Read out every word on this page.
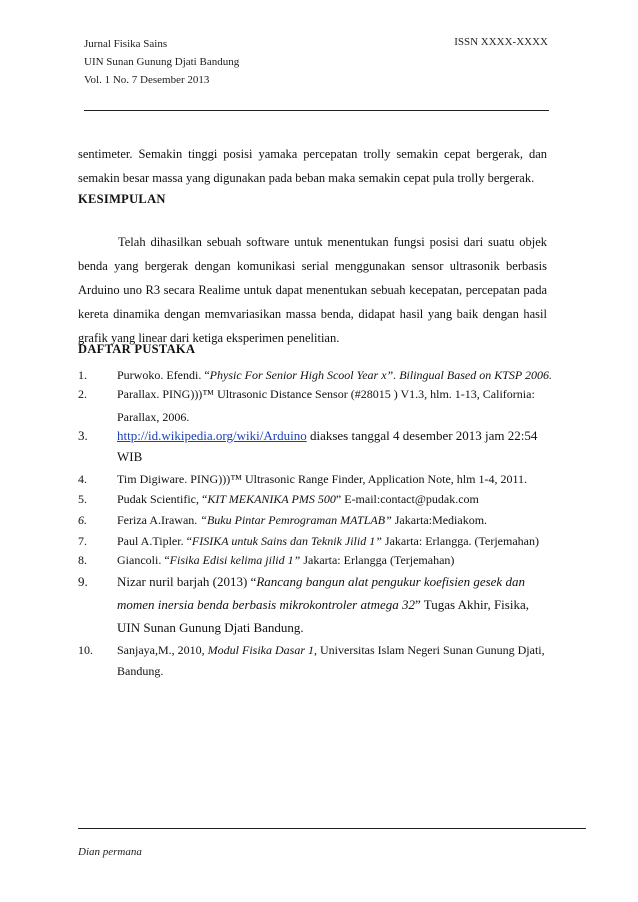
Jurnal Fisika Sains
UIN Sunan Gunung Djati Bandung
Vol. 1 No. 7 Desember 2013
ISSN XXXX-XXXX

sentimeter. Semakin tinggi posisi yamaka percepatan trolly semakin cepat bergerak, dan semakin besar massa yang digunakan pada beban maka semakin cepat pula trolly bergerak.

KESIMPULAN

Telah dihasilkan sebuah software untuk menentukan fungsi posisi dari suatu objek benda yang bergerak dengan komunikasi serial menggunakan sensor ultrasonik berbasis Arduino uno R3 secara Realime untuk dapat menentukan sebuah kecepatan, percepatan pada kereta dinamika dengan memvariasikan massa benda, didapat hasil yang baik dengan hasil grafik yang linear dari ketiga eksperimen penelitian.

DAFTAR PUSTAKA
1.	Purwoko. Efendi. “Physic For Senior High Scool Year x”. Bilingual Based on KTSP 2006.
2.	Parallax. PING)))™ Ultrasonic Distance Sensor (#28015 ) V1.3, hlm. 1-13, California:
Parallax, 2006.
3. http://id.wikipedia.org/wiki/Arduino diakses tanggal 4 desember 2013 jam 22:54
WIB
4.	Tim Digiware. PING)))™ Ultrasonic Range Finder, Application Note, hlm 1-4, 2011.
5.	Pudak Scientific, “KIT MEKANIKA PMS 500” E-mail:contact@pudak.com
6.	Feriza A.Irawan. “Buku Pintar Pemrograman MATLAB” Jakarta:Mediakom.
7.	Paul A.Tipler. “FISIKA untuk Sains dan Teknik Jilid 1” Jakarta: Erlangga. (Terjemahan)
8.	Giancoli. “Fisika Edisi kelima jilid 1” Jakarta: Erlangga (Terjemahan)
9. Nizar nuril barjah (2013) “Rancang bangun alat pengukur koefisien gesek dan
momen inersia benda berbasis mikrokontroler atmega 32” Tugas Akhir, Fisika,
UIN Sunan Gunung Djati Bandung.
10. Sanjaya,M., 2010, Modul Fisika Dasar 1, Universitas Islam Negeri Sunan Gunung Djati,
Bandung.
Dian permana
